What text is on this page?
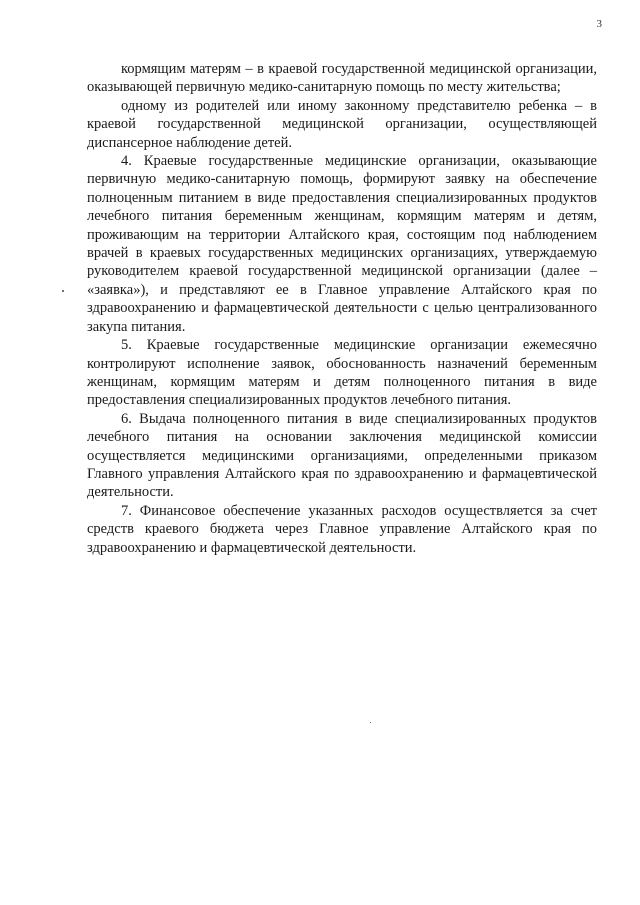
3

кормящим матерям – в краевой государственной медицинской организации, оказывающей первичную медико-санитарную помощь по месту жительства;

одному из родителей или иному законному представителю ребенка – в краевой государственной медицинской организации, осуществляющей диспансерное наблюдение детей.

4. Краевые государственные медицинские организации, оказывающие первичную медико-санитарную помощь, формируют заявку на обеспечение полноценным питанием в виде предоставления специализированных продуктов лечебного питания беременным женщинам, кормящим матерям и детям, проживающим на территории Алтайского края, состоящим под наблюдением врачей в краевых государственных медицинских организациях, утверждаемую руководителем краевой государственной медицинской организации (далее – «заявка»), и представляют ее в Главное управление Алтайского края по здравоохранению и фармацевтической деятельности с целью централизованного закупа питания.

5. Краевые государственные медицинские организации ежемесячно контролируют исполнение заявок, обоснованность назначений беременным женщинам, кормящим матерям и детям полноценного питания в виде предоставления специализированных продуктов лечебного питания.

6. Выдача полноценного питания в виде специализированных продуктов лечебного питания на основании заключения медицинской комиссии осуществляется медицинскими организациями, определенными приказом Главного управления Алтайского края по здравоохранению и фармацевтической деятельности.

7. Финансовое обеспечение указанных расходов осуществляется за счет средств краевого бюджета через Главное управление Алтайского края по здравоохранению и фармацевтической деятельности.
